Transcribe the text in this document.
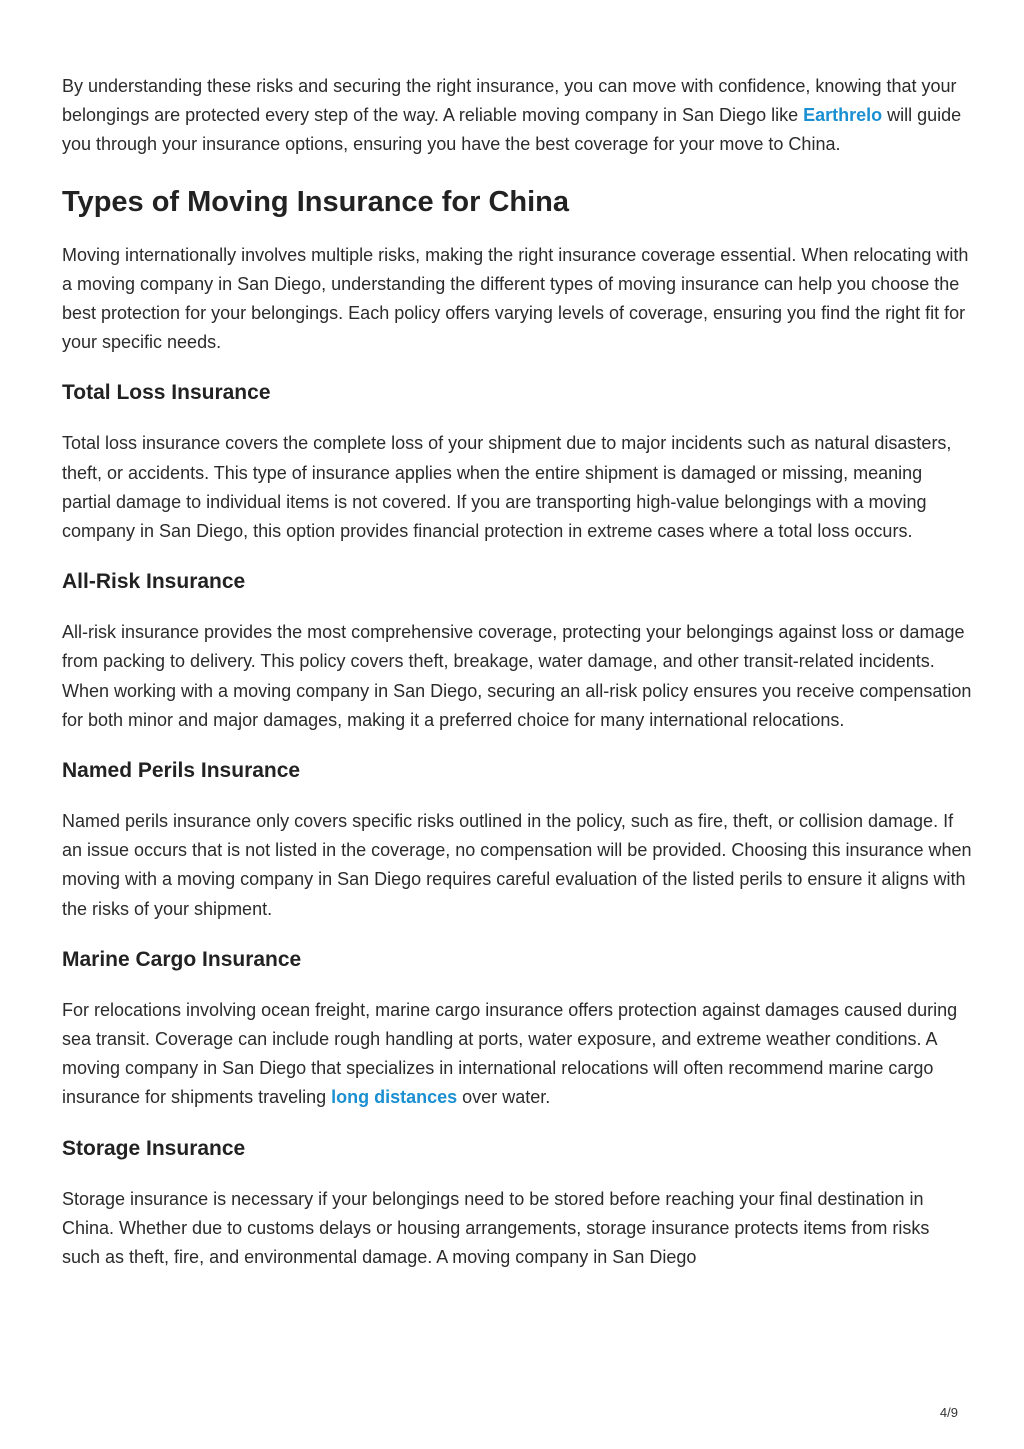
By understanding these risks and securing the right insurance, you can move with confidence, knowing that your belongings are protected every step of the way. A reliable moving company in San Diego like Earthrelo will guide you through your insurance options, ensuring you have the best coverage for your move to China.

Types of Moving Insurance for China

Moving internationally involves multiple risks, making the right insurance coverage essential. When relocating with a moving company in San Diego, understanding the different types of moving insurance can help you choose the best protection for your belongings. Each policy offers varying levels of coverage, ensuring you find the right fit for your specific needs.

Total Loss Insurance

Total loss insurance covers the complete loss of your shipment due to major incidents such as natural disasters, theft, or accidents. This type of insurance applies when the entire shipment is damaged or missing, meaning partial damage to individual items is not covered. If you are transporting high-value belongings with a moving company in San Diego, this option provides financial protection in extreme cases where a total loss occurs.

All-Risk Insurance

All-risk insurance provides the most comprehensive coverage, protecting your belongings against loss or damage from packing to delivery. This policy covers theft, breakage, water damage, and other transit-related incidents. When working with a moving company in San Diego, securing an all-risk policy ensures you receive compensation for both minor and major damages, making it a preferred choice for many international relocations.

Named Perils Insurance

Named perils insurance only covers specific risks outlined in the policy, such as fire, theft, or collision damage. If an issue occurs that is not listed in the coverage, no compensation will be provided. Choosing this insurance when moving with a moving company in San Diego requires careful evaluation of the listed perils to ensure it aligns with the risks of your shipment.

Marine Cargo Insurance

For relocations involving ocean freight, marine cargo insurance offers protection against damages caused during sea transit. Coverage can include rough handling at ports, water exposure, and extreme weather conditions. A moving company in San Diego that specializes in international relocations will often recommend marine cargo insurance for shipments traveling long distances over water.

Storage Insurance

Storage insurance is necessary if your belongings need to be stored before reaching your final destination in China. Whether due to customs delays or housing arrangements, storage insurance protects items from risks such as theft, fire, and environmental damage. A moving company in San Diego

4/9
